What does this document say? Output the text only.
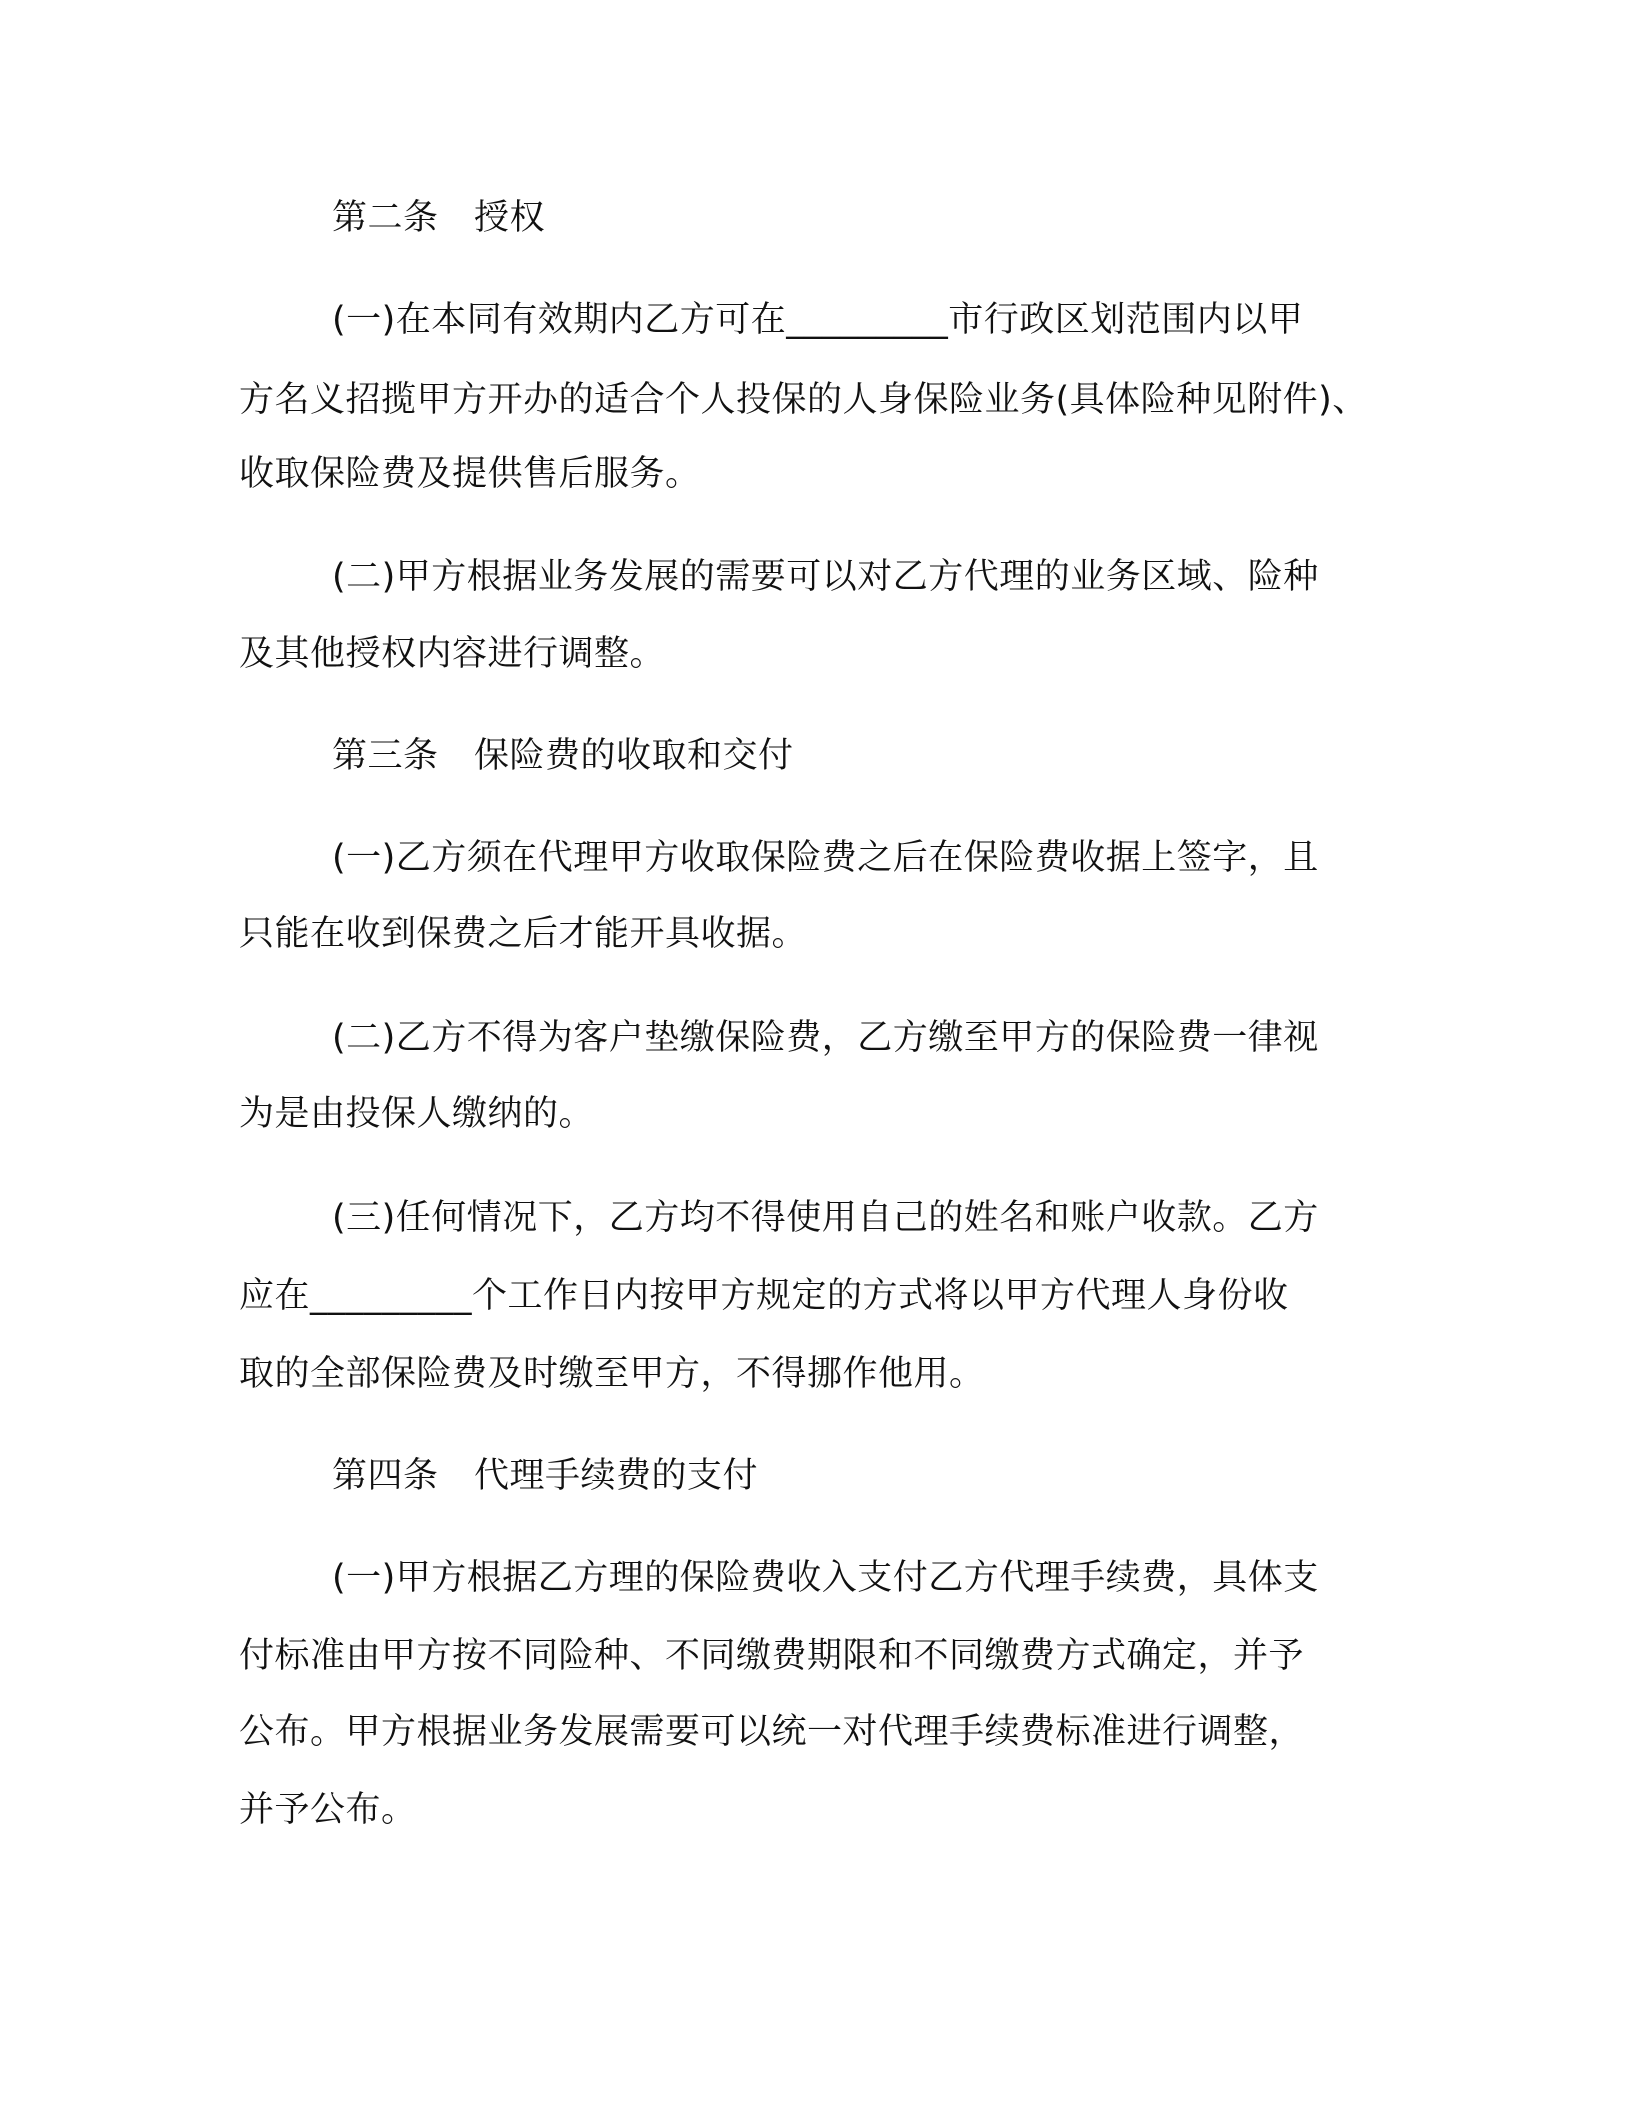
第二条　授权
(一)在本同有效期内乙方可在_________市行政区划范围内以甲
方名义招揽甲方开办的适合个人投保的人身保险业务(具体险种见附件)、
收取保险费及提供售后服务。
(二)甲方根据业务发展的需要可以对乙方代理的业务区域、险种
及其他授权内容进行调整。
第三条　保险费的收取和交付
(一)乙方须在代理甲方收取保险费之后在保险费收据上签字，且
只能在收到保费之后才能开具收据。
(二)乙方不得为客户垫缴保险费，乙方缴至甲方的保险费一律视
为是由投保人缴纳的。
(三)任何情况下，乙方均不得使用自己的姓名和账户收款。乙方
应在_________个工作日内按甲方规定的方式将以甲方代理人身份收
取的全部保险费及时缴至甲方，不得挪作他用。
第四条　代理手续费的支付
(一)甲方根据乙方理的保险费收入支付乙方代理手续费，具体支
付标准由甲方按不同险种、不同缴费期限和不同缴费方式确定，并予
公布。甲方根据业务发展需要可以统一对代理手续费标准进行调整，
并予公布。
